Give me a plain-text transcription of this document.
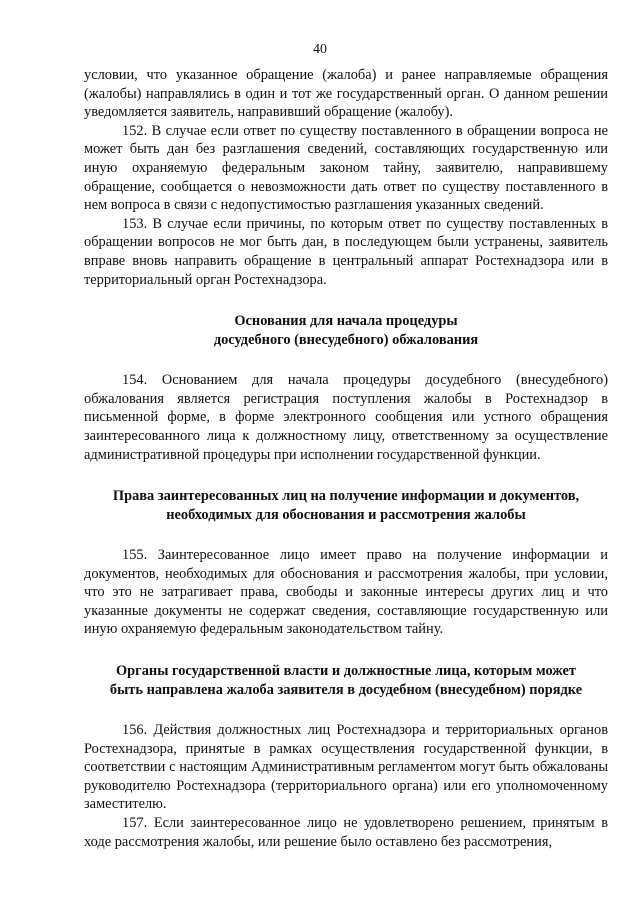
40

условии, что указанное обращение (жалоба) и ранее направляемые обращения (жалобы) направлялись в один и тот же государственный орган. О данном решении уведомляется заявитель, направивший обращение (жалобу).

152. В случае если ответ по существу поставленного в обращении вопроса не может быть дан без разглашения сведений, составляющих государственную или иную охраняемую федеральным законом тайну, заявителю, направившему обращение, сообщается о невозможности дать ответ по существу поставленного в нем вопроса в связи с недопустимостью разглашения указанных сведений.

153. В случае если причины, по которым ответ по существу поставленных в обращении вопросов не мог быть дан, в последующем были устранены, заявитель вправе вновь направить обращение в центральный аппарат Ростехнадзора или в территориальный орган Ростехнадзора.

Основания для начала процедуры

досудебного (внесудебного) обжалования

154. Основанием для начала процедуры досудебного (внесудебного) обжалования является регистрация поступления жалобы в Ростехнадзор в письменной форме, в форме электронного сообщения или устного обращения заинтересованного лица к должностному лицу, ответственному за осуществление административной процедуры при исполнении государственной функции.

Права заинтересованных лиц на получение информации и документов,

необходимых для обоснования и рассмотрения жалобы

155. Заинтересованное лицо имеет право на получение информации и документов, необходимых для обоснования и рассмотрения жалобы, при условии, что это не затрагивает права, свободы и законные интересы других лиц и что указанные документы не содержат сведения, составляющие государственную или иную охраняемую федеральным законодательством тайну.

Органы государственной власти и должностные лица, которым может

быть направлена жалоба заявителя в досудебном (внесудебном) порядке

156. Действия должностных лиц Ростехнадзора и территориальных органов Ростехнадзора, принятые в рамках осуществления государственной функции, в соответствии с настоящим Административным регламентом могут быть обжалованы руководителю Ростехнадзора (территориального органа) или его уполномоченному заместителю.

157. Если заинтересованное лицо не удовлетворено решением, принятым в ходе рассмотрения жалобы, или решение было оставлено без рассмотрения,
